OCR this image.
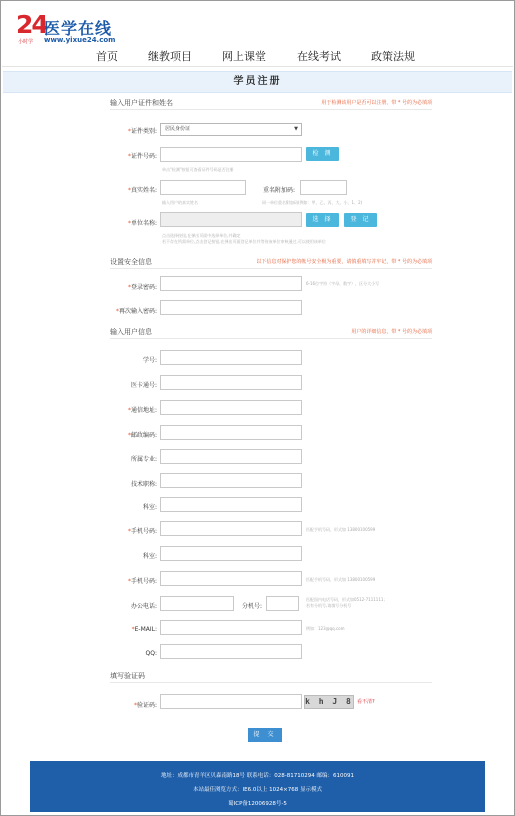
24
小时学
医学在线
www.yixue24.com
首页	继教项目	网上课堂	在线考试	政策法规
学员注册
输入用户证件和姓名	用于检测该用户是否可以注册，带 * 号的为必填项
*证件类别:	居民身份证	▼
*证件号码:	检 测
单击"检测"按钮可查看证件号码是否注册
*真实姓名:
输入用户的真实姓名
重名附加码:
同一单位重名附加码(例如：甲、乙、丙、大、小、1、2)
*单位名称:
选 择	登 记
点击选择按钮,在弹出页面中选择单位,并确定
若不存在所需单位,点击登记按钮,在弹出页面登记单位并等待该单位审核通过,可以使用该单位
设置安全信息	以下信息对保护您的帐号安全极为重要，请慎重填写并牢记，带 * 号的为必填项
*登录密码:
6-16位字符（字母、数字），区分大小写
*再次输入密码:
输入用户信息	用户的详细信息，带 * 号的为必填项
学号:
医卡通号:
*通信地址:
*邮政编码:
所属专业:
技术职称:
科室:
*手机号码:	匹配手机号码，形式如 13800100599
科室:
*手机号码:	匹配手机号码，形式如 13800100599
办公电话:	分机号:
匹配国内电话号码，形式如0512-7111111；
若有分机号,请填写分机号
*E-MAIL:	例如：123@qq.com
QQ:
填写验证码
*验证码:	k h J 8 看不清?
提 交
地址：成都市青羊区贝森南路18号 联系电话：028-81710294 邮编：610091
本站最佳浏览方式：IE6.0以上 1024×768 显示模式
蜀ICP备12006928号-5
